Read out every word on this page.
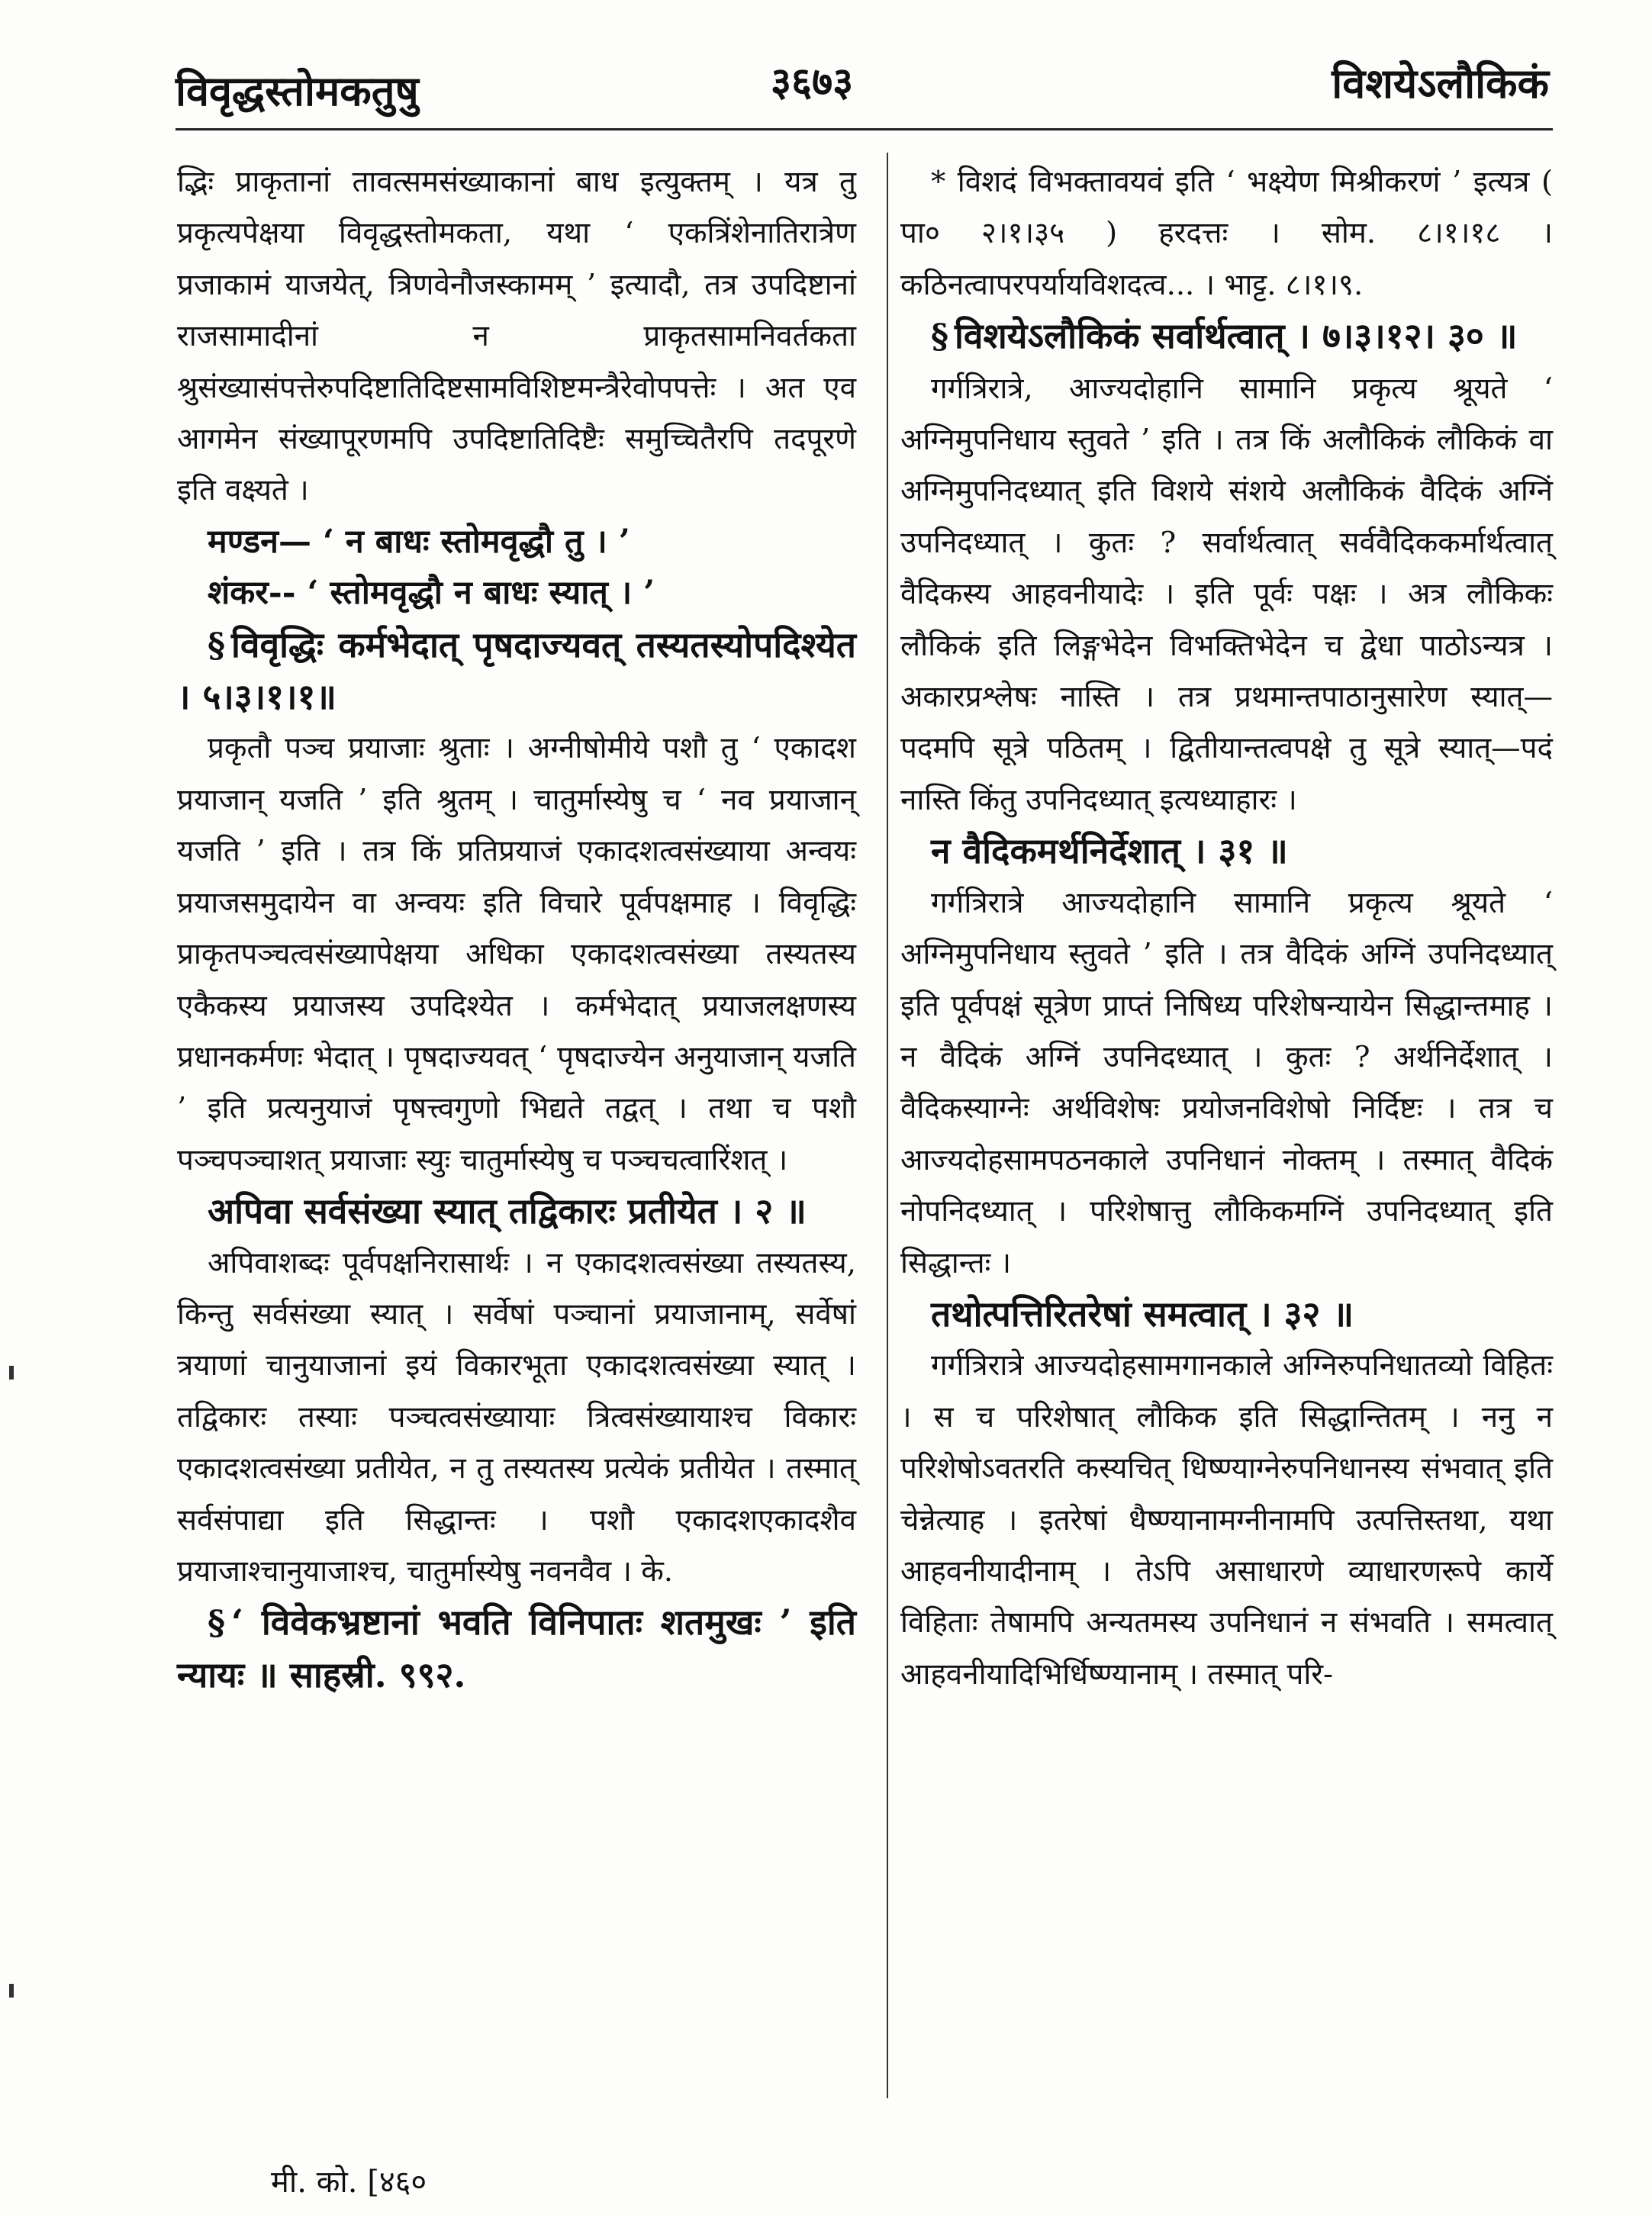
विवृद्धस्तोमकतुषु	३६७३	विशयेऽलौकिकं

द्भिः प्राकृतानां तावत्समसंख्याकानां बाध इत्युक्तम् । यत्र तु प्रकृत्यपेक्षया विवृद्धस्तोमकता, यथा ‘ एकत्रिंशेनातिरात्रेण प्रजाकामं याजयेत्, त्रिणवेनौजस्कामम् ’ इत्यादौ, तत्र उपदिष्टानां राजसामादीनां न प्राकृतसामनिवर्तकता श्रुसंख्यासंपत्तेरुपदिष्टातिदिष्टसामविशिष्टमन्त्रैरेवोपपत्तेः । अत एव आगमेन संख्यापूरणमपि उपदिष्टातिदिष्टैः समुच्चितैरपि तदपूरणे इति वक्ष्यते ।

मण्डन— ‘ न बाधः स्तोमवृद्धौ तु । ’

शंकर-- ‘ स्तोमवृद्धौ न बाधः स्यात् । ’

§ विवृद्धिः कर्मभेदात् पृषदाज्यवत् तस्यतस्योपदिश्येत । ५।३।१।१॥

प्रकृतौ पञ्च प्रयाजाः श्रुताः । अग्नीषोमीये पशौ तु ‘ एकादश प्रयाजान् यजति ’ इति श्रुतम् । चातुर्मास्येषु च ‘ नव प्रयाजान् यजति ’ इति । तत्र किं प्रतिप्रयाजं एकादशत्वसंख्याया अन्वयः प्रयाजसमुदायेन वा अन्वयः इति विचारे पूर्वपक्षमाह । विवृद्धिः प्राकृतपञ्चत्वसंख्यापेक्षया अधिका एकादशत्वसंख्या तस्यतस्य एकैकस्य प्रयाजस्य उपदिश्येत । कर्मभेदात् प्रयाजलक्षणस्य प्रधानकर्मणः भेदात् । पृषदाज्यवत् ‘ पृषदाज्येन अनुयाजान् यजति ’ इति प्रत्यनुयाजं पृषत्त्वगुणो भिद्यते तद्वत् । तथा च पशौ पञ्चपञ्चाशत् प्रयाजाः स्युः चातुर्मास्येषु च पञ्चचत्वारिंशत् ।

अपिवा सर्वसंख्या स्यात् तद्विकारः प्रतीयेत । २ ॥

अपिवाशब्दः पूर्वपक्षनिरासार्थः । न एकादशत्वसंख्या तस्यतस्य, किन्तु सर्वसंख्या स्यात् । सर्वेषां पञ्चानां प्रयाजानाम्, सर्वेषां त्रयाणां चानुयाजानां इयं विकारभूता एकादशत्वसंख्या स्यात् । तद्विकारः तस्याः पञ्चत्वसंख्यायाः त्रित्वसंख्यायाश्च विकारः एकादशत्वसंख्या प्रतीयेत, न तु तस्यतस्य प्रत्येकं प्रतीयेत । तस्मात् सर्वसंपाद्या इति सिद्धान्तः । पशौ एकादशएकादशैव प्रयाजाश्चानुयाजाश्च, चातुर्मास्येषु नवनवैव । के.

§ ‘ विवेकभ्रष्टानां भवति विनिपातः शतमुखः ’ इति न्यायः ॥ साहस्री. ९९२.

* विशदं विभक्तावयवं इति ‘ भक्ष्येण मिश्रीकरणं ’ इत्यत्र ( पा० २।१।३५ ) हरदत्तः । सोम. ८।१।१८ । कठिनत्वापरपर्यायविशदत्व... । भाट्ट. ८।१।९.

§ विशयेऽलौकिकं सर्वार्थत्वात् । ७।३।१२। ३० ॥

गर्गत्रिरात्रे, आज्यदोहानि सामानि प्रकृत्य श्रूयते ‘ अग्निमुपनिधाय स्तुवते ’ इति । तत्र किं अलौकिकं लौकिकं वा अग्निमुपनिदध्यात् इति विशये संशये अलौकिकं वैदिकं अग्निं उपनिदध्यात् । कुतः ? सर्वार्थत्वात् सर्ववैदिककर्मार्थत्वात् वैदिकस्य आहवनीयादेः । इति पूर्वः पक्षः । अत्र लौकिकः लौकिकं इति लिङ्गभेदेन विभक्तिभेदेन च द्वेधा पाठोऽन्यत्र । अकारप्रश्लेषः नास्ति । तत्र प्रथमान्तपाठानुसारेण स्यात्—पदमपि सूत्रे पठितम् । द्वितीयान्तत्वपक्षे तु सूत्रे स्यात्—पदं नास्ति किंतु उपनिदध्यात् इत्यध्याहारः ।

न वैदिकमर्थनिर्देशात् । ३१ ॥

गर्गत्रिरात्रे आज्यदोहानि सामानि प्रकृत्य श्रूयते ‘ अग्निमुपनिधाय स्तुवते ’ इति । तत्र वैदिकं अग्निं उपनिदध्यात् इति पूर्वपक्षं सूत्रेण प्राप्तं निषिध्य परिशेषन्यायेन सिद्धान्तमाह । न वैदिकं अग्निं उपनिदध्यात् । कुतः ? अर्थनिर्देशात् । वैदिकस्याग्नेः अर्थविशेषः प्रयोजनविशेषो निर्दिष्टः । तत्र च आज्यदोहसामपठनकाले उपनिधानं नोक्तम् । तस्मात् वैदिकं नोपनिदध्यात् । परिशेषात्तु लौकिकमग्निं उपनिदध्यात् इति सिद्धान्तः ।

तथोत्पत्तिरितरेषां समत्वात् । ३२ ॥

गर्गत्रिरात्रे आज्यदोहसामगानकाले अग्निरुपनिधातव्यो विहितः । स च परिशेषात् लौकिक इति सिद्धान्तितम् । ननु न परिशेषोऽवतरति कस्यचित् धिष्ण्याग्नेरुपनिधानस्य संभवात् इति चेन्नेत्याह । इतरेषां धैष्ण्यानामग्नीनामपि उत्पत्तिस्तथा, यथा आहवनीयादीनाम् । तेऽपि असाधारणे व्याधारणरूपे कार्ये विहिताः तेषामपि अन्यतमस्य उपनिधानं न संभवति । समत्वात् आहवनीयादिभिर्धिष्ण्यानाम् । तस्मात् परि-

मी. को. [४६०
